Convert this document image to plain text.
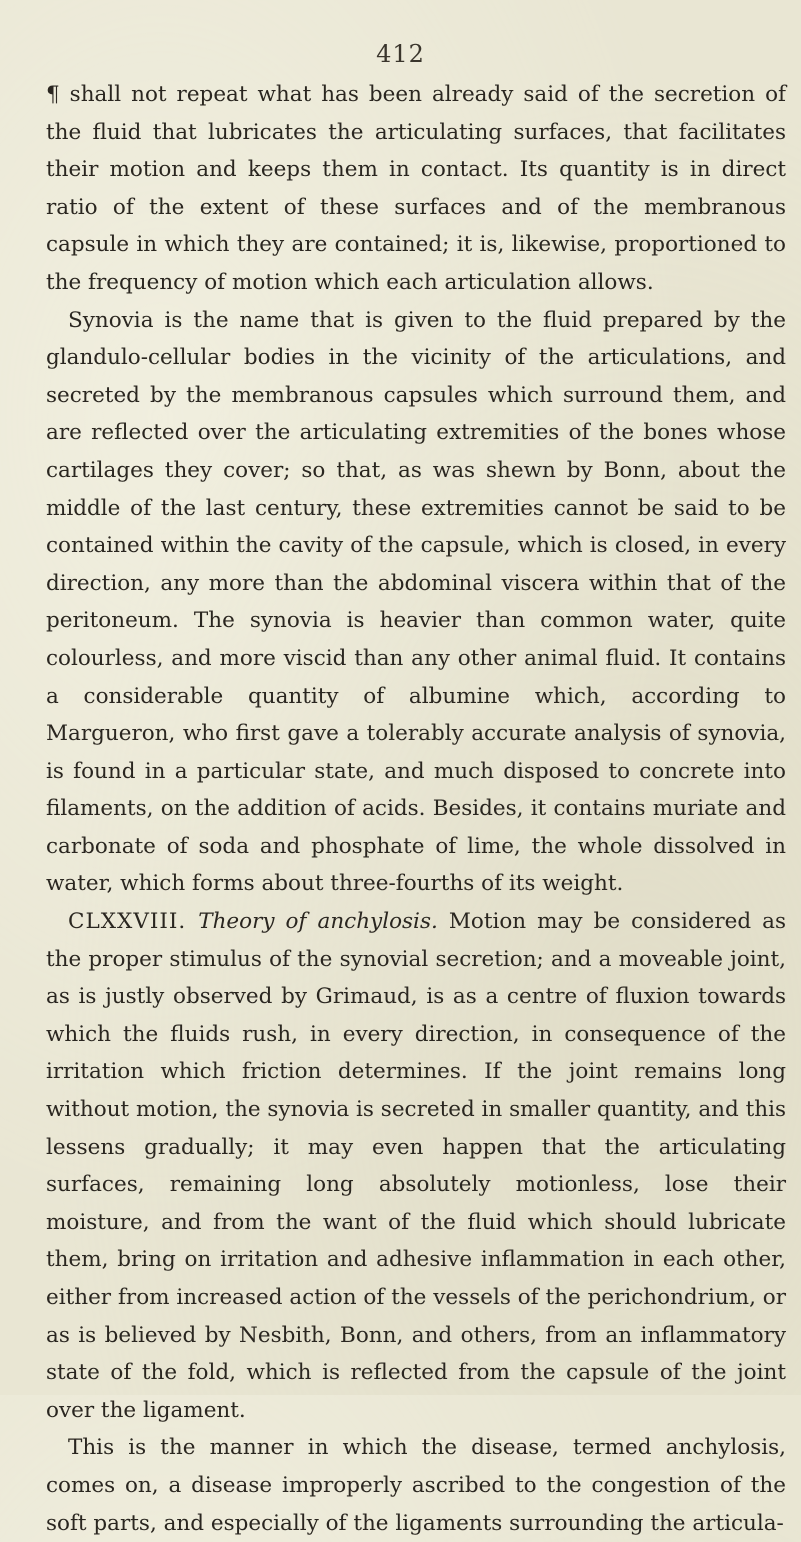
412

¶ shall not repeat what has been already said of the secretion of the fluid that lubricates the articulating surfaces, that facilitates their motion and keeps them in contact. Its quantity is in direct ratio of the extent of these surfaces and of the membranous capsule in which they are contained; it is, likewise, proportioned to the frequency of motion which each articulation allows.

Synovia is the name that is given to the fluid prepared by the glandulo-cellular bodies in the vicinity of the articulations, and secreted by the membranous capsules which surround them, and are reflected over the articulating extremities of the bones whose cartilages they cover; so that, as was shewn by Bonn, about the middle of the last century, these extremities cannot be said to be contained within the cavity of the capsule, which is closed, in every direction, any more than the abdominal viscera within that of the peritoneum. The synovia is heavier than common water, quite colourless, and more viscid than any other animal fluid. It contains a considerable quantity of albumine which, according to Margueron, who first gave a tolerably accurate analysis of synovia, is found in a particular state, and much disposed to concrete into filaments, on the addition of acids. Besides, it contains muriate and carbonate of soda and phosphate of lime, the whole dissolved in water, which forms about three-fourths of its weight.

CLXXVIII. Theory of anchylosis. Motion may be considered as the proper stimulus of the synovial secretion; and a moveable joint, as is justly observed by Grimaud, is as a centre of fluxion towards which the fluids rush, in every direction, in consequence of the irritation which friction determines. If the joint remains long without motion, the synovia is secreted in smaller quantity, and this lessens gradually; it may even happen that the articulating surfaces, remaining long absolutely motionless, lose their moisture, and from the want of the fluid which should lubricate them, bring on irritation and adhesive inflammation in each other, either from increased action of the vessels of the perichondrium, or as is believed by Nesbith, Bonn, and others, from an inflammatory state of the fold, which is reflected from the capsule of the joint over the ligament.

This is the manner in which the disease, termed anchylosis, comes on, a disease improperly ascribed to the congestion of the soft parts, and especially of the ligaments surrounding the articula-
